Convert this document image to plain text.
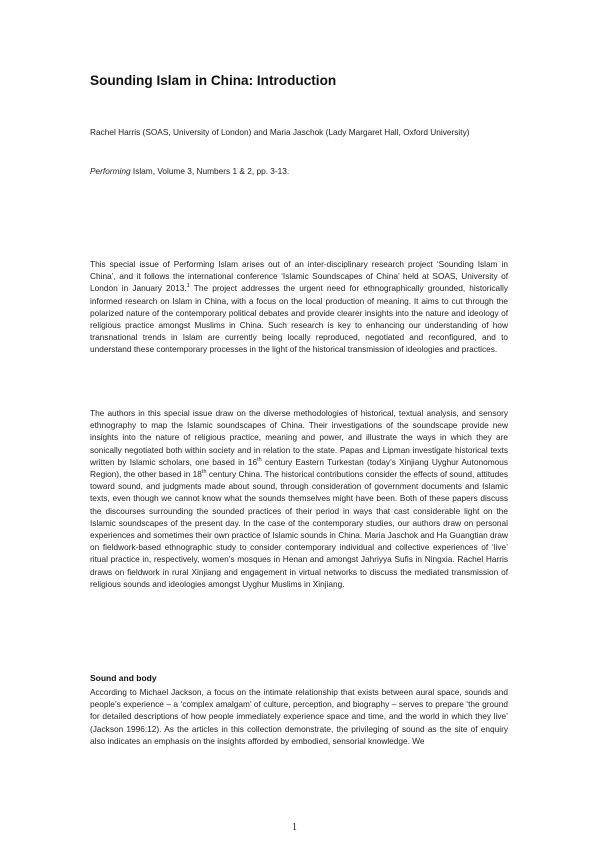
Sounding Islam in China: Introduction
Rachel Harris (SOAS, University of London) and Maria Jaschok (Lady Margaret Hall, Oxford University)
Performing Islam, Volume 3, Numbers 1 & 2, pp. 3-13.
This special issue of Performing Islam arises out of an inter-disciplinary research project ‘Sounding Islam in China’, and it follows the international conference ‘Islamic Soundscapes of China’ held at SOAS, University of London in January 2013.$^1$ The project addresses the urgent need for ethnographically grounded, historically informed research on Islam in China, with a focus on the local production of meaning. It aims to cut through the polarized nature of the contemporary political debates and provide clearer insights into the nature and ideology of religious practice amongst Muslims in China. Such research is key to enhancing our understanding of how transnational trends in Islam are currently being locally reproduced, negotiated and reconfigured, and to understand these contemporary processes in the light of the historical transmission of ideologies and practices.
The authors in this special issue draw on the diverse methodologies of historical, textual analysis, and sensory ethnography to map the Islamic soundscapes of China. Their investigations of the soundscape provide new insights into the nature of religious practice, meaning and power, and illustrate the ways in which they are sonically negotiated both within society and in relation to the state. Papas and Lipman investigate historical texts written by Islamic scholars, one based in 16th century Eastern Turkestan (today’s Xinjiang Uyghur Autonomous Region), the other based in 18th century China. The historical contributions consider the effects of sound, attitudes toward sound, and judgments made about sound, through consideration of government documents and Islamic texts, even though we cannot know what the sounds themselves might have been. Both of these papers discuss the discourses surrounding the sounded practices of their period in ways that cast considerable light on the Islamic soundscapes of the present day. In the case of the contemporary studies, our authors draw on personal experiences and sometimes their own practice of Islamic sounds in China. Maria Jaschok and Ha Guangtian draw on fieldwork-based ethnographic study to consider contemporary individual and collective experiences of ‘live’ ritual practice in, respectively, women’s mosques in Henan and amongst Jahriyya Sufis in Ningxia. Rachel Harris draws on fieldwork in rural Xinjiang and engagement in virtual networks to discuss the mediated transmission of religious sounds and ideologies amongst Uyghur Muslims in Xinjiang.
Sound and body
According to Michael Jackson, a focus on the intimate relationship that exists between aural space, sounds and people’s experience – a ‘complex amalgam’ of culture, perception, and biography – serves to prepare ‘the ground for detailed descriptions of how people immediately experience space and time, and the world in which they live’ (Jackson 1996:12). As the articles in this collection demonstrate, the privileging of sound as the site of enquiry also indicates an emphasis on the insights afforded by embodied, sensorial knowledge. We
1
